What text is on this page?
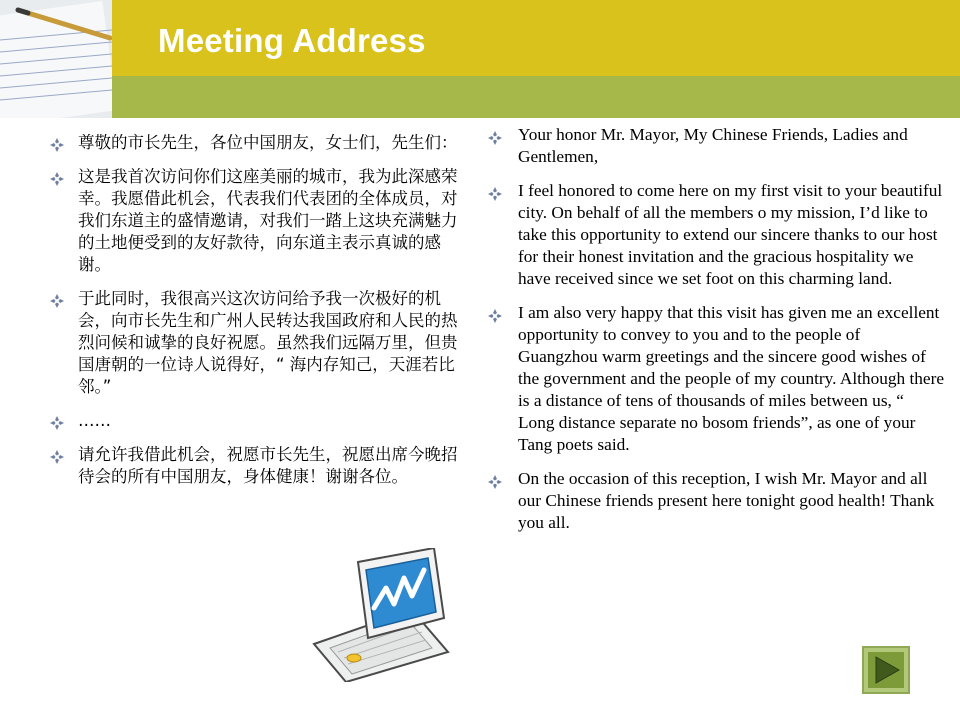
Meeting Address
尊敬的市长先生，各位中国朋友，女士们，先生们：
这是我首次访问你们这座美丽的城市，我为此深感荣幸。我愿借此机会，代表我们代表团的全体成员，对我们东道主的盛情邀请，对我们一踏上这块充满魅力的土地便受到的友好款待，向东道主表示真诚的感谢。
于此同时，我很高兴这次访问给予我一次极好的机会，向市长先生和广州人民转达我国政府和人民的热烈问候和诚挚的良好祝愿。虽然我们远隔万里，但贵国唐朝的一位诗人说得好，“ 海内存知己，天涯若比邻。”
……
请允许我借此机会，祝愿市长先生，祝愿出席今晚招待会的所有中国朋友，身体健康！谢谢各位。
Your honor Mr. Mayor, My Chinese Friends, Ladies and Gentlemen,
I feel honored to come here on my first visit to your beautiful city. On behalf of all the members o my mission, I’d like to take this opportunity to extend our sincere thanks to our host for their honest invitation and the gracious hospitality we have received since we set foot on this charming land.
I am also very happy that this visit has given me an excellent opportunity to convey to you and to the people of Guangzhou warm greetings and the sincere good wishes of the government and the people of my country. Although there is a distance of tens of thousands of miles between us, “ Long distance separate no bosom friends”, as one of your Tang poets said.
On the occasion of this reception, I wish Mr. Mayor and all our Chinese friends present here tonight good health! Thank you all.
